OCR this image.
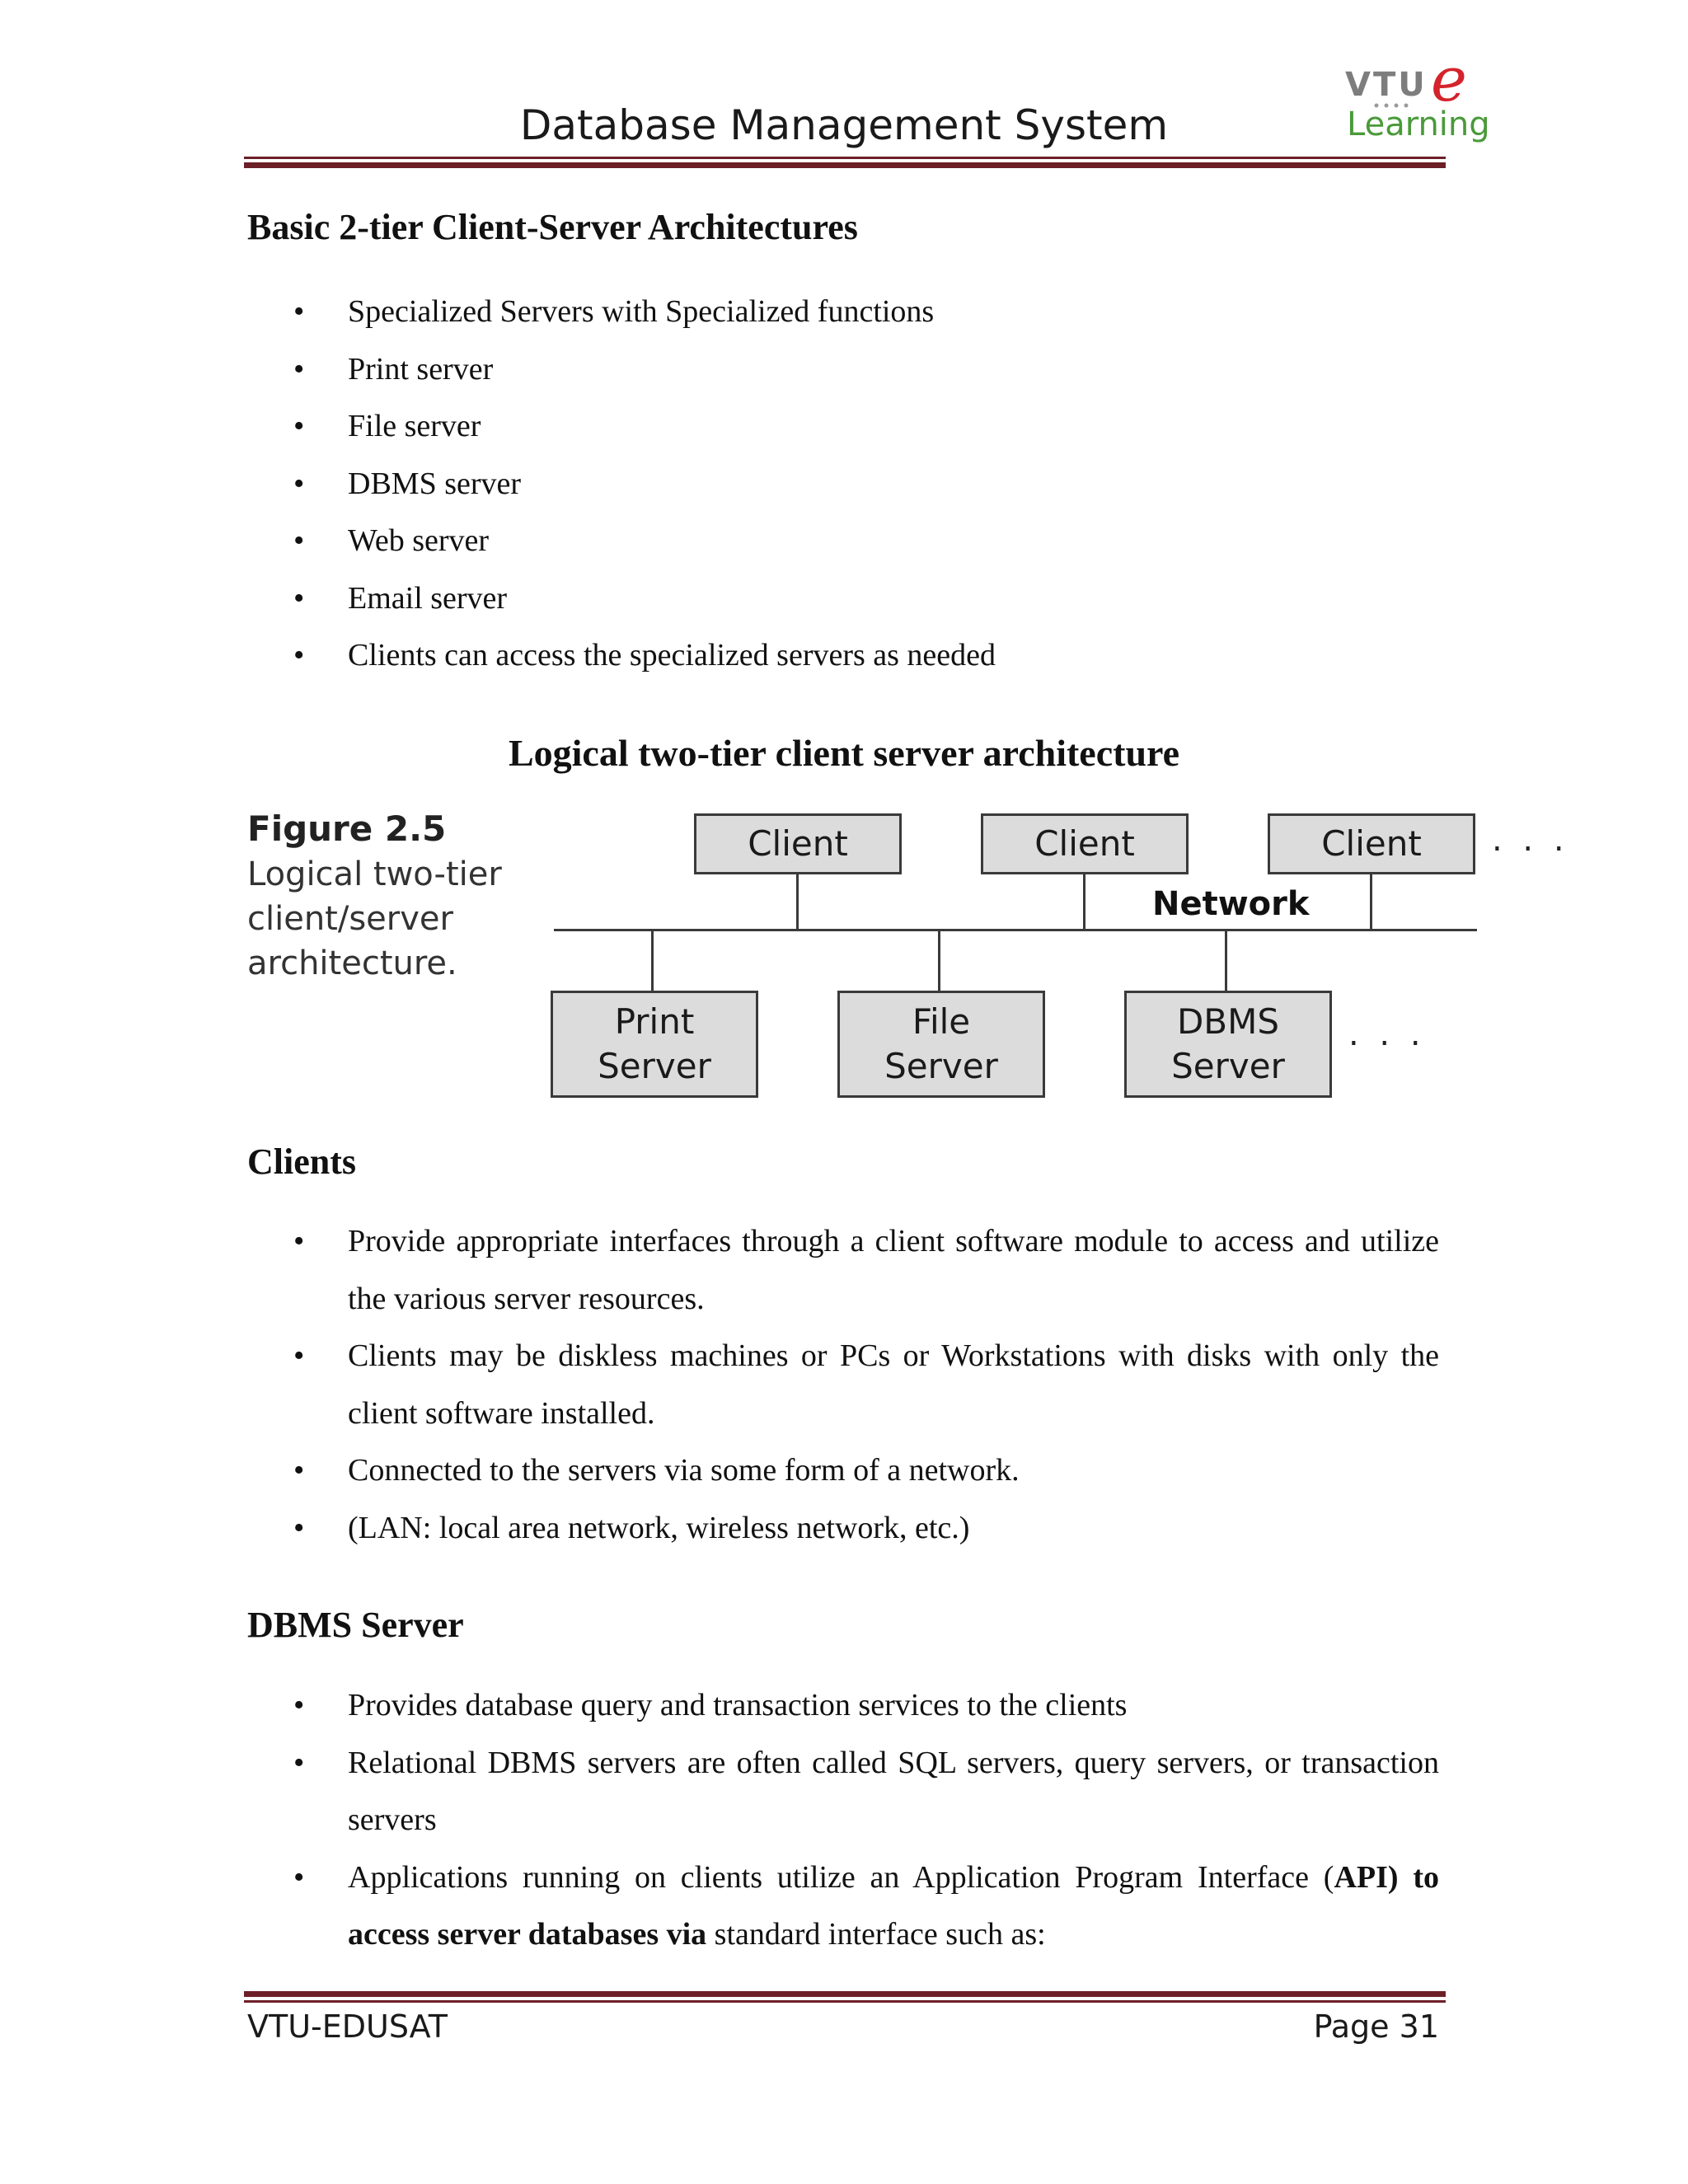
Database Management System
VTU e
Learning
Basic 2-tier Client-Server Architectures
• Specialized Servers with Specialized functions
• Print server
• File server
• DBMS server
• Web server
• Email server
• Clients can access the specialized servers as needed
Logical two-tier client server architecture
Figure 2.5
Logical two-tier
client/server
architecture.
Client	Client	Client . . .
Network
Print
Server
File
Server
DBMS
Server
. . .
Clients
• Provide appropriate interfaces through a client software module to access and utilize the various server resources.
• Clients may be diskless machines or PCs or Workstations with disks with only the client software installed.
• Connected to the servers via some form of a network.
• (LAN: local area network, wireless network, etc.)
DBMS Server
• Provides database query and transaction services to the clients
• Relational DBMS servers are often called SQL servers, query servers, or transaction servers
• Applications running on clients utilize an Application Program Interface (API) to access server databases via standard interface such as:
VTU-EDUSAT	Page 31
